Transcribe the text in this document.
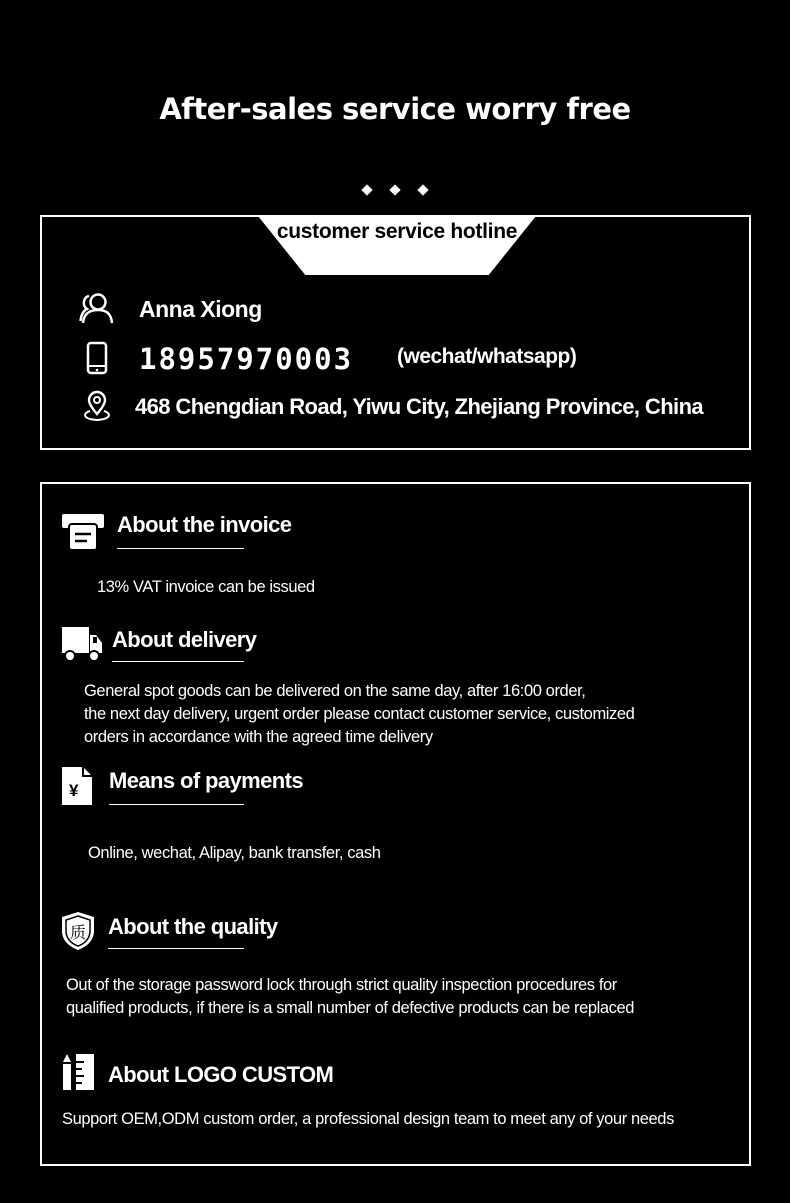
After-sales service worry free

customer service hotline
Anna Xiong
18957970003 (wechat/whatsapp)
468 Chengdian Road, Yiwu City, Zhejiang Province, China
About the invoice
13% VAT invoice can be issued
About delivery
General spot goods can be delivered on the same day, after 16:00 order,
the next day delivery, urgent order please contact customer service, customized
orders in accordance with the agreed time delivery
¥ Means of payments
Online, wechat, Alipay, bank transfer, cash
质 About the quality
Out of the storage password lock through strict quality inspection procedures for
qualified products, if there is a small number of defective products can be replaced
About LOGO CUSTOM
Support OEM,ODM custom order, a professional design team to meet any of your needs
